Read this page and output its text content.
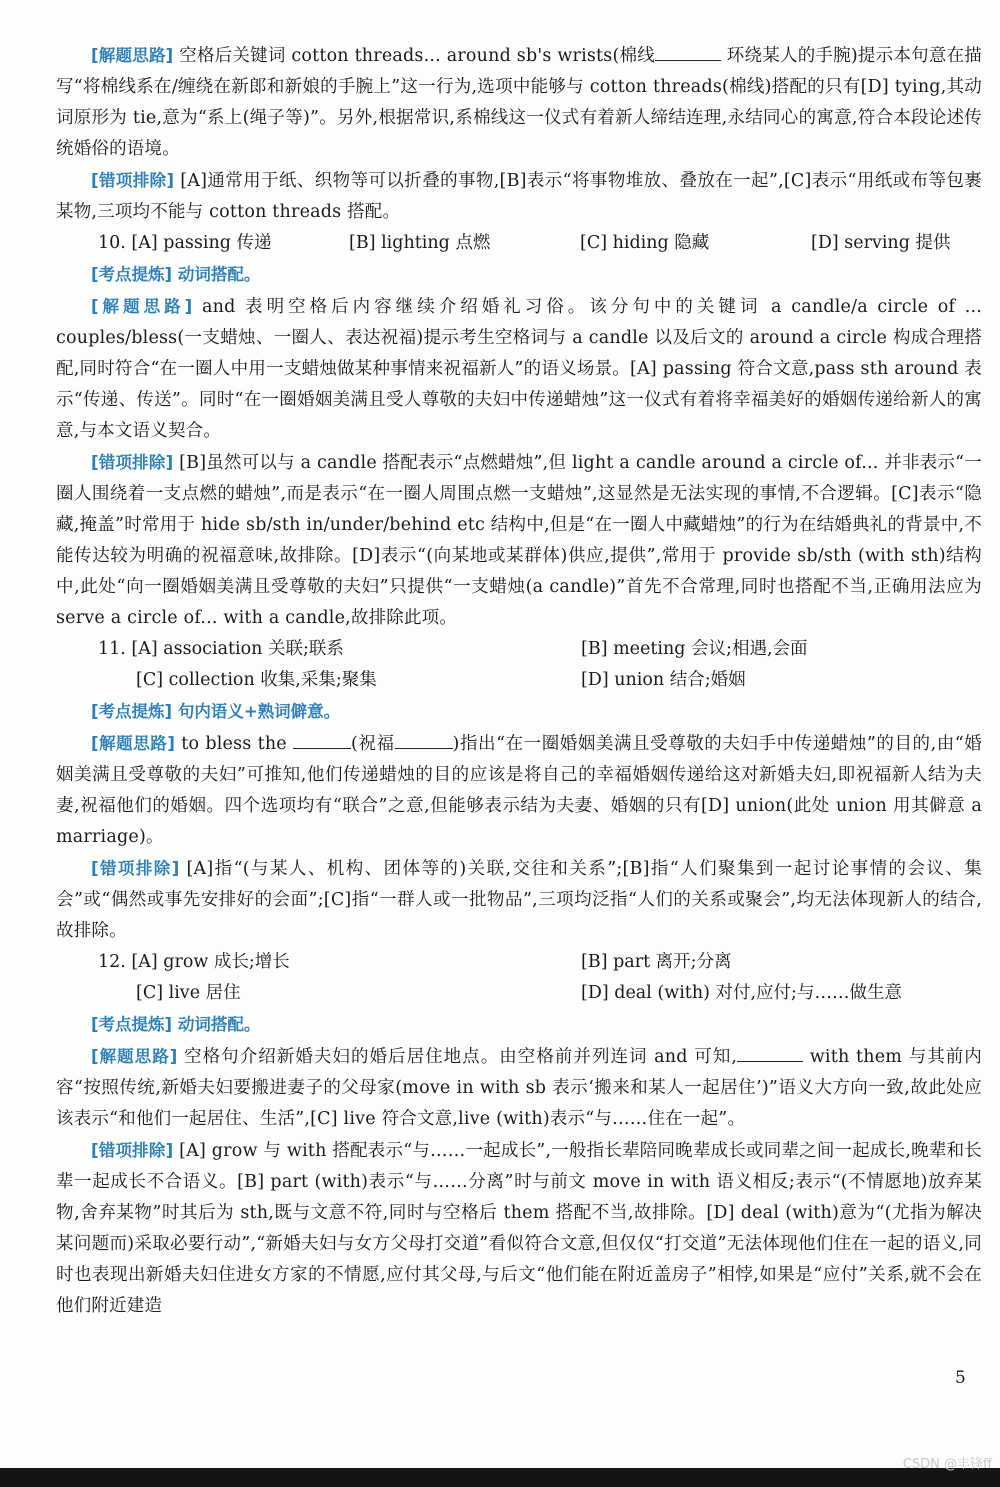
[解题思路] 空格后关键词 cotton threads... around sb's wrists(棉线	环绕某人的手腕)提示本句意在描写“将棉线系在/缠绕在新郎和新娘的手腕上”这一行为,选项中能够与 cotton threads(棉线)搭配的只有[D] tying,其动词原形为 tie,意为“系上(绳子等)”。另外,根据常识,系棉线这一仪式有着新人缔结连理,永结同心的寓意,符合本段论述传统婚俗的语境。

[错项排除] [A]通常用于纸、织物等可以折叠的事物,[B]表示“将事物堆放、叠放在一起”,[C]表示“用纸或布等包裹某物,三项均不能与 cotton threads 搭配。

10. [A] passing 传递	[B] lighting 点燃	[C] hiding 隐藏	[D] serving 提供

[考点提炼] 动词搭配。

[解题思路] and 表明空格后内容继续介绍婚礼习俗。该分句中的关键词 a candle/a circle of ... couples/bless(一支蜡烛、一圈人、表达祝福)提示考生空格词与 a candle 以及后文的 around a circle 构成合理搭配,同时符合“在一圈人中用一支蜡烛做某种事情来祝福新人”的语义场景。[A] passing 符合文意,pass sth around 表示“传递、传送”。同时“在一圈婚姻美满且受人尊敬的夫妇中传递蜡烛”这一仪式有着将幸福美好的婚姻传递给新人的寓意,与本文语义契合。

[错项排除] [B]虽然可以与 a candle 搭配表示“点燃蜡烛”,但 light a candle around a circle of... 并非表示“一圈人围绕着一支点燃的蜡烛”,而是表示“在一圈人周围点燃一支蜡烛”,这显然是无法实现的事情,不合逻辑。[C]表示“隐藏,掩盖”时常用于 hide sb/sth in/under/behind etc 结构中,但是“在一圈人中藏蜡烛”的行为在结婚典礼的背景中,不能传达较为明确的祝福意味,故排除。[D]表示“(向某地或某群体)供应,提供”,常用于 provide sb/sth (with sth)结构中,此处“向一圈婚姻美满且受尊敬的夫妇”只提供“一支蜡烛(a candle)”首先不合常理,同时也搭配不当,正确用法应为 serve a circle of... with a candle,故排除此项。

11. [A] association 关联;联系	[B] meeting 会议;相遇,会面
[C] collection 收集,采集;聚集	[D] union 结合;婚姻

[考点提炼] 句内语义+熟词僻意。

[解题思路] to bless the	(祝福	)指出“在一圈婚姻美满且受尊敬的夫妇手中传递蜡烛”的目的,由“婚姻美满且受尊敬的夫妇”可推知,他们传递蜡烛的目的应该是将自己的幸福婚姻传递给这对新婚夫妇,即祝福新人结为夫妻,祝福他们的婚姻。四个选项均有“联合”之意,但能够表示结为夫妻、婚姻的只有[D] union(此处 union 用其僻意 a marriage)。

[错项排除] [A]指“(与某人、机构、团体等的)关联,交往和关系”;[B]指“人们聚集到一起讨论事情的会议、集会”或“偶然或事先安排好的会面”;[C]指“一群人或一批物品”,三项均泛指“人们的关系或聚会”,均无法体现新人的结合,故排除。

12. [A] grow 成长;增长	[B] part 离开;分离
[C] live 居住	[D] deal (with) 对付,应付;与……做生意

[考点提炼] 动词搭配。

[解题思路] 空格句介绍新婚夫妇的婚后居住地点。由空格前并列连词 and 可知,	with them 与其前内容“按照传统,新婚夫妇要搬进妻子的父母家(move in with sb 表示‘搬来和某人一起居住’)”语义大方向一致,故此处应该表示“和他们一起居住、生活”,[C] live 符合文意,live (with)表示“与……住在一起”。

[错项排除] [A] grow 与 with 搭配表示“与……一起成长”,一般指长辈陪同晚辈成长或同辈之间一起成长,晚辈和长辈一起成长不合语义。[B] part (with)表示“与……分离”时与前文 move in with 语义相反;表示“(不情愿地)放弃某物,舍弃某物”时其后为 sth,既与文意不符,同时与空格后 them 搭配不当,故排除。[D] deal (with)意为“(尤指为解决某问题而)采取必要行动”,“新婚夫妇与女方父母打交道”看似符合文意,但仅仅“打交道”无法体现他们住在一起的语义,同时也表现出新婚夫妇住进女方家的不情愿,应付其父母,与后文“他们能在附近盖房子”相悖,如果是“应付”关系,就不会在他们附近建造

5
CSDN @丰锋ff
